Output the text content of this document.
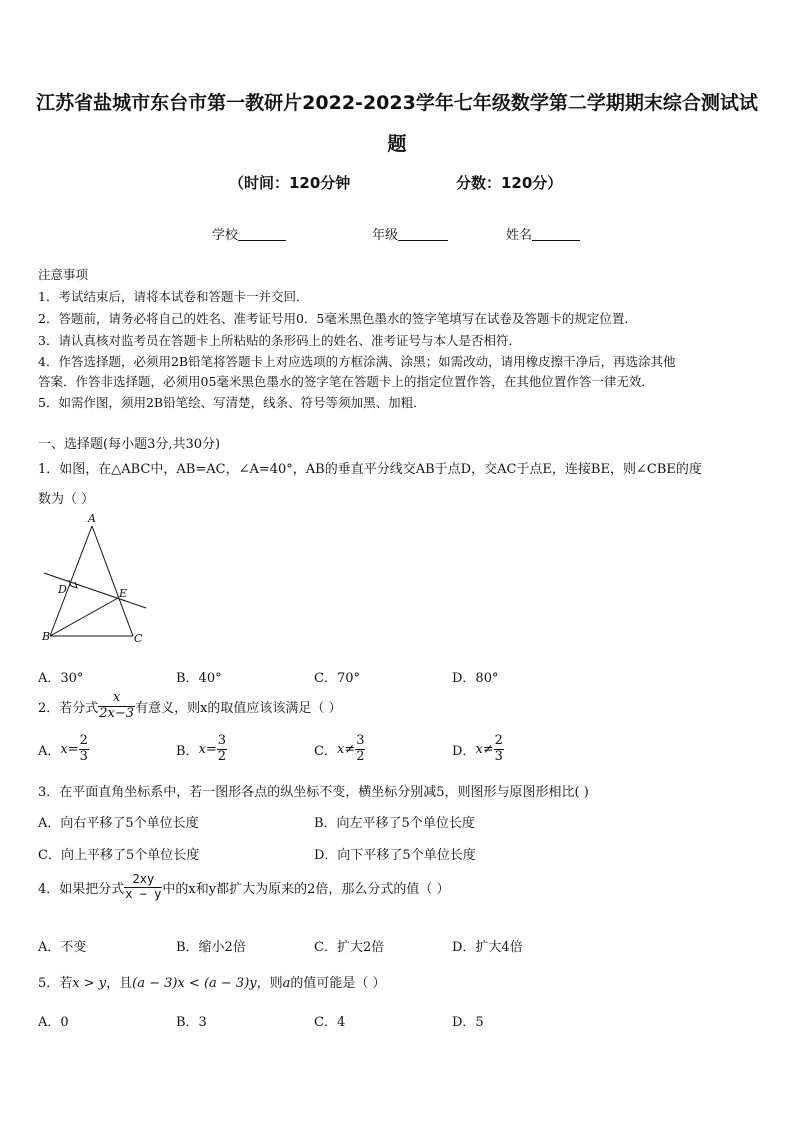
江苏省盐城市东台市第一教研片2022-2023学年七年级数学第二学期期末综合测试试
题
（时间：120分钟	分数：120分）
学校	年级	姓名
注意事项
1．考试结束后，请将本试卷和答题卡一并交回．
2．答题前，请务必将自己的姓名、准考证号用0．5毫米黑色墨水的签字笔填写在试卷及答题卡的规定位置．
3．请认真核对监考员在答题卡上所粘贴的条形码上的姓名、准考证号与本人是否相符．
4．作答选择题，必须用2B铅笔将答题卡上对应选项的方框涂满、涂黑；如需改动，请用橡皮擦干净后，再选涂其他
答案．作答非选择题，必须用05毫米黑色墨水的签字笔在答题卡上的指定位置作答，在其他位置作答一律无效．
5．如需作图，须用2B铅笔绘、写清楚，线条、符号等须加黑、加粗．
一、选择题(每小题3分,共30分)
1．如图，在△ABC中，AB=AC，∠A=40°，AB的垂直平分线交AB于点D，交AC于点E，连接BE，则∠CBE的度
数为（ ）
A
B	C
D	E
A．30°	B．40°	C．70°	D．80°
2．若分式 $\frac{x}{2x-3}$ 有意义，则x的取值应该该满足（ ）
A． $x= \frac{2}{3}$	B． $x= \frac{3}{2}$	C． $x\ne \frac{3}{2}$	D． $x\ne \frac{2}{3}$
3．在平面直角坐标系中，若一图形各点的纵坐标不变，横坐标分别减5，则图形与原图形相比( )
A．向右平移了5个单位长度	B．向左平移了5个单位长度
C．向上平移了5个单位长度	D．向下平移了5个单位长度
4．如果把分式 $\frac{2xy}{x - y}$ 中的x和y都扩大为原来的2倍，那么分式的值（ ）
A．不变	B．缩小2倍	C．扩大2倍	D．扩大4倍
5．若x > y，且(a − 3)x < (a − 3)y，则a的值可能是（ ）
A．0	B．3	C．4	D．5
